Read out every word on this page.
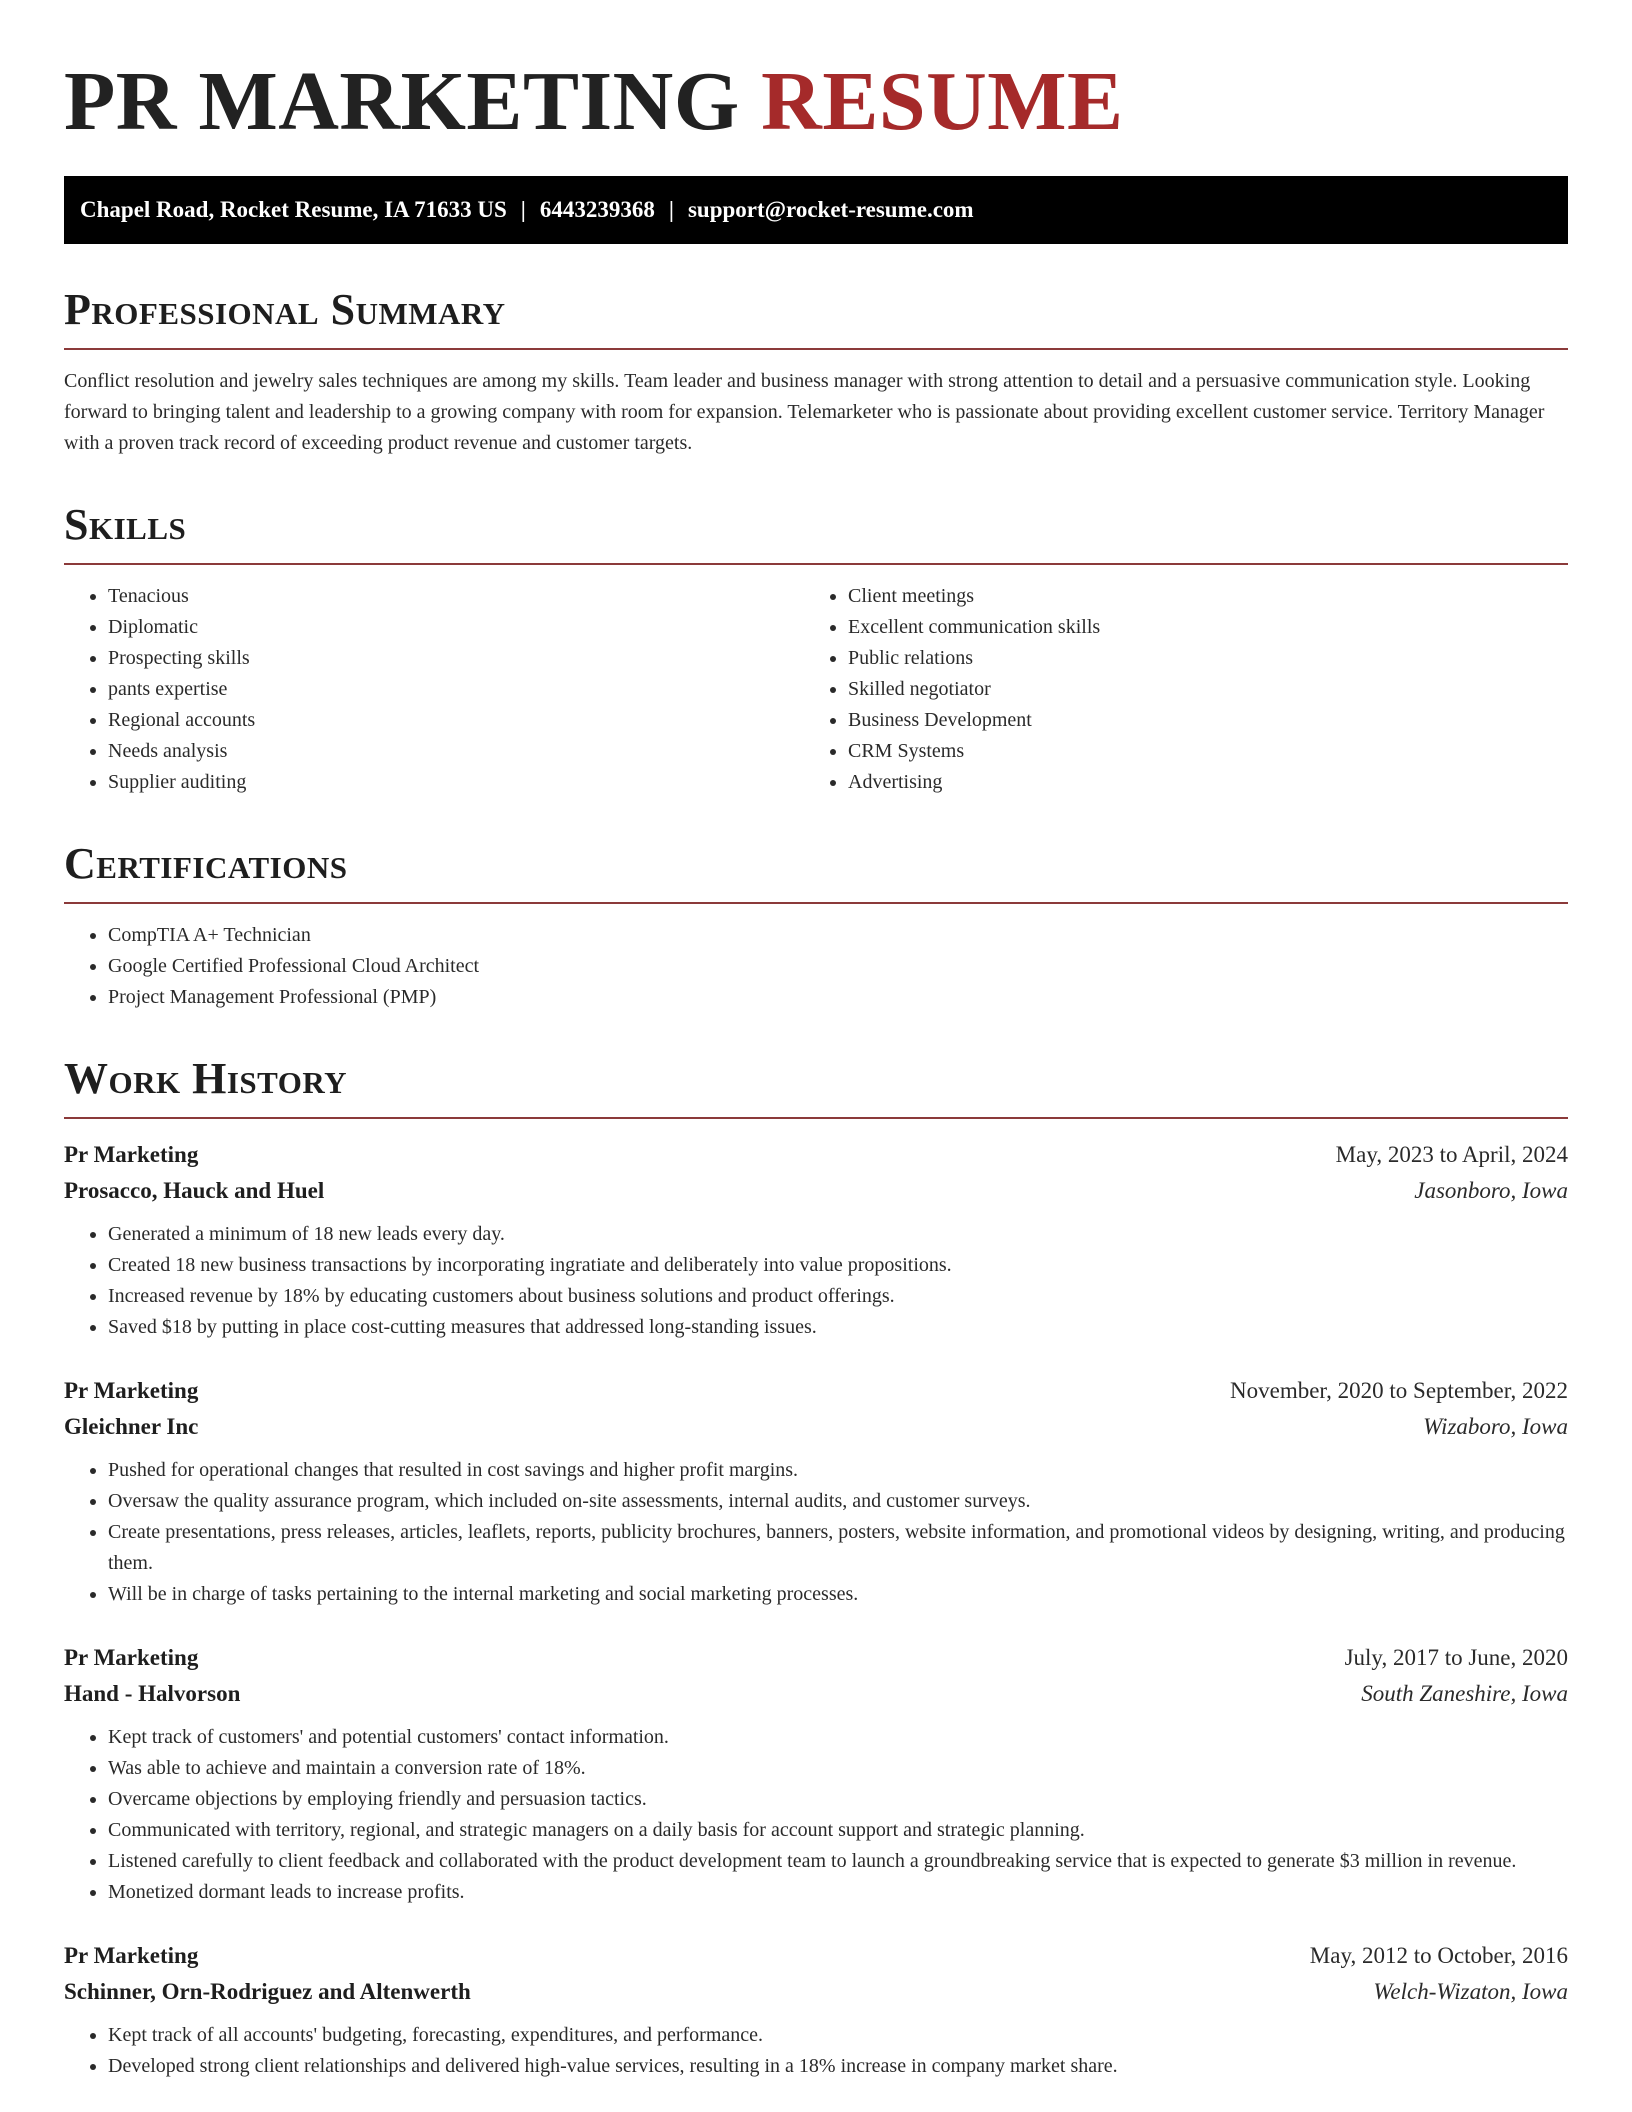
PR MARKETING RESUME
Chapel Road, Rocket Resume, IA 71633 US | 6443239368 | support@rocket-resume.com
Professional Summary

Conflict resolution and jewelry sales techniques are among my skills. Team leader and business manager with strong attention to detail and a persuasive communication style. Looking forward to bringing talent and leadership to a growing company with room for expansion. Telemarketer who is passionate about providing excellent customer service. Territory Manager with a proven track record of exceeding product revenue and customer targets.

Skills
• Tenacious
• Diplomatic
• Prospecting skills
• pants expertise
• Regional accounts
• Needs analysis
• Supplier auditing
• Client meetings
• Excellent communication skills
• Public relations
• Skilled negotiator
• Business Development
• CRM Systems
• Advertising
Certifications
• CompTIA A+ Technician
• Google Certified Professional Cloud Architect
• Project Management Professional (PMP)
Work History
Pr Marketing	May, 2023 to April, 2024
Prosacco, Hauck and Huel	Jasonboro, Iowa
• Generated a minimum of 18 new leads every day.
• Created 18 new business transactions by incorporating ingratiate and deliberately into value propositions.
• Increased revenue by 18% by educating customers about business solutions and product offerings.
• Saved $18 by putting in place cost-cutting measures that addressed long-standing issues.
Pr Marketing	November, 2020 to September, 2022
Gleichner Inc	Wizaboro, Iowa
• Pushed for operational changes that resulted in cost savings and higher profit margins.
• Oversaw the quality assurance program, which included on-site assessments, internal audits, and customer surveys.
• Create presentations, press releases, articles, leaflets, reports, publicity brochures, banners, posters, website information, and promotional videos by designing, writing, and producing them.
• Will be in charge of tasks pertaining to the internal marketing and social marketing processes.
Pr Marketing	July, 2017 to June, 2020
Hand - Halvorson	South Zaneshire, Iowa
• Kept track of customers' and potential customers' contact information.
• Was able to achieve and maintain a conversion rate of 18%.
• Overcame objections by employing friendly and persuasion tactics.
• Communicated with territory, regional, and strategic managers on a daily basis for account support and strategic planning.
• Listened carefully to client feedback and collaborated with the product development team to launch a groundbreaking service that is expected to generate $3 million in revenue.
• Monetized dormant leads to increase profits.
Pr Marketing	May, 2012 to October, 2016
Schinner, Orn-Rodriguez and Altenwerth	Welch-Wizaton, Iowa
• Kept track of all accounts' budgeting, forecasting, expenditures, and performance.
• Developed strong client relationships and delivered high-value services, resulting in a 18% increase in company market share.
